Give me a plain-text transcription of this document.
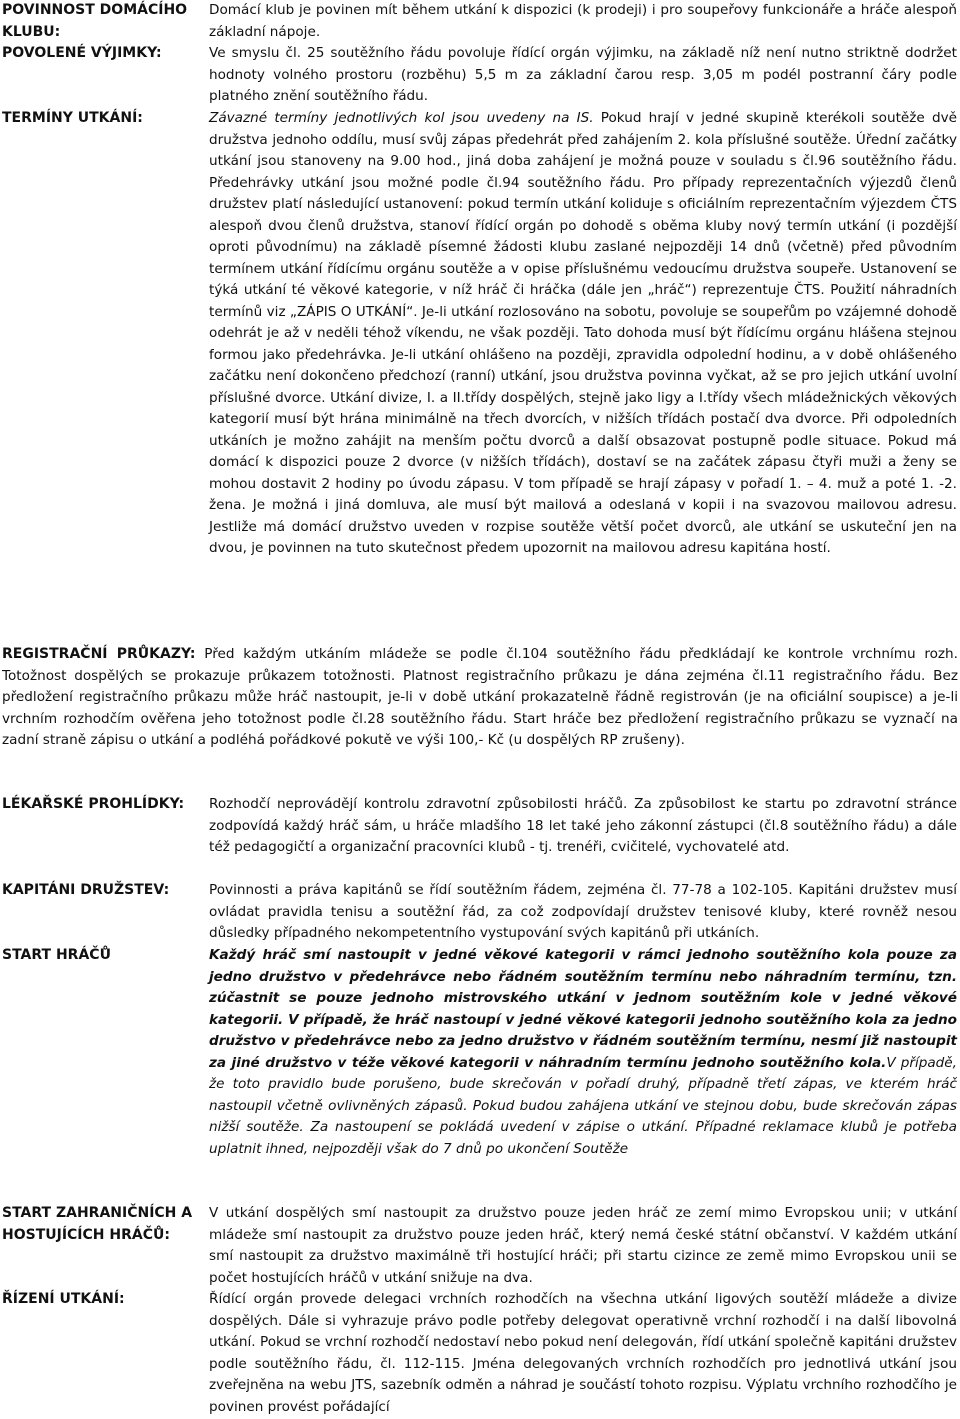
POVINNOST DOMÁCÍHO KLUBU:

Domácí klub je povinen mít během utkání k dispozici (k prodeji) i pro soupeřovy funkcionáře a hráče alespoň základní nápoje.

POVOLENÉ VÝJIMKY:	Ve smyslu čl. 25 soutěžního řádu povoluje řídící orgán výjimku, na základě níž není nutno striktně dodržet hodnoty volného prostoru (rozběhu) 5,5 m za základní čarou resp. 3,05 m podél postranní čáry podle platného znění soutěžního řádu.

TERMÍNY UTKÁNÍ:	Závazné termíny jednotlivých kol jsou uvedeny na IS. Pokud hrají v jedné skupině kterékoli soutěže dvě družstva jednoho oddílu, musí svůj zápas předehrát před zahájením 2. kola příslušné soutěže. Úřední začátky utkání jsou stanoveny na 9.00 hod., jiná doba zahájení je možná pouze v souladu s čl.96 soutěžního řádu. Předehrávky utkání jsou možné podle čl.94 soutěžního řádu. Pro případy reprezentačních výjezdů členů družstev platí následující ustanovení: pokud termín utkání koliduje s oficiálním reprezentačním výjezdem ČTS alespoň dvou členů družstva, stanoví řídící orgán po dohodě s oběma kluby nový termín utkání (i pozdější oproti původnímu) na základě písemné žádosti klubu zaslané nejpozději 14 dnů (včetně) před původním termínem utkání řídícímu orgánu soutěže a v opise příslušnému vedoucímu družstva soupeře. Ustanovení se týká utkání té věkové kategorie, v níž hráč či hráčka (dále jen „hráč“) reprezentuje ČTS. Použití náhradních termínů viz „ZÁPIS O UTKÁNÍ“. Je-li utkání rozlosováno na sobotu, povoluje se soupeřům po vzájemné dohodě odehrát je až v neděli téhož víkendu, ne však později. Tato dohoda musí být řídícímu orgánu hlášena stejnou formou jako předehrávka. Je-li utkání ohlášeno na později, zpravidla odpolední hodinu, a v době ohlášeného začátku není dokončeno předchozí (ranní) utkání, jsou družstva povinna vyčkat, až se pro jejich utkání uvolní příslušné dvorce. Utkání divize, I. a II.třídy dospělých, stejně jako ligy a I.třídy všech mládežnických věkových kategorií musí být hrána minimálně na třech dvorcích, v nižších třídách postačí dva dvorce. Při odpoledních utkáních je možno zahájit na menším počtu dvorců a další obsazovat postupně podle situace. Pokud má domácí k dispozici pouze 2 dvorce (v nižších třídách), dostaví se na začátek zápasu čtyři muži a ženy se mohou dostavit 2 hodiny po úvodu zápasu. V tom případě se hrají zápasy v pořadí 1. – 4. muž a poté 1. -2. žena. Je možná i jiná domluva, ale musí být mailová a odeslaná v kopii i na svazovou mailovou adresu. Jestliže má domácí družstvo uveden v rozpise soutěže větší počet dvorců, ale utkání se uskuteční jen na dvou, je povinnen na tuto skutečnost předem upozornit na mailovou adresu kapitána hostí.

REGISTRAČNÍ PRŮKAZY: Před každým utkáním mládeže se podle čl.104 soutěžního řádu předkládají ke kontrole vrchnímu rozh. Totožnost dospělých se prokazuje průkazem totožnosti. Platnost registračního průkazu je dána zejména čl.11 registračního řádu. Bez předložení registračního průkazu může hráč nastoupit, je-li v době utkání prokazatelně řádně registrován (je na oficiální soupisce) a je-li vrchním rozhodčím ověřena jeho totožnost podle čl.28 soutěžního řádu. Start hráče bez předložení registračního průkazu se vyznačí na zadní straně zápisu o utkání a podléhá pořádkové pokutě ve výši 100,- Kč (u dospělých RP zrušeny).
LÉKAŘSKÉ PROHLÍDKY:	Rozhodčí neprovádějí kontrolu zdravotní způsobilosti hráčů. Za způsobilost ke startu po zdravotní stránce zodpovídá každý hráč sám, u hráče mladšího 18 let také jeho zákonní zástupci (čl.8 soutěžního řádu) a dále též pedagogičtí a organizační pracovníci klubů - tj. trenéři, cvičitelé, vychovatelé atd.

KAPITÁNI DRUŽSTEV:	Povinnosti a práva kapitánů se řídí soutěžním řádem, zejména čl. 77-78 a 102-105. Kapitáni družstev musí ovládat pravidla tenisu a soutěžní řád, za což zodpovídají družstev tenisové kluby, které rovněž nesou důsledky případného nekompetentního vystupování svých kapitánů při utkáních.

START HRÁČŮ	Každý hráč smí nastoupit v jedné věkové kategorii v rámci jednoho soutěžního kola pouze za jedno družstvo v předehrávce nebo řádném soutěžním termínu nebo náhradním termínu, tzn. zúčastnit se pouze jednoho mistrovského utkání v jednom soutěžním kole v jedné věkové kategorii. V případě, že hráč nastoupí v jedné věkové kategorii jednoho soutěžního kola za jedno družstvo v předehrávce nebo za jedno družstvo v řádném soutěžním termínu, nesmí již nastoupit za jiné družstvo v téže věkové kategorii v náhradním termínu jednoho soutěžního kola.V případě, že toto pravidlo bude porušeno, bude skrečován v pořadí druhý, případně třetí zápas, ve kterém hráč nastoupil včetně ovlivněných zápasů. Pokud budou zahájena utkání ve stejnou dobu, bude skrečován zápas nižší soutěže. Za nastoupení se pokládá uvedení v zápise o utkání. Případné reklamace klubů je potřeba uplatnit ihned, nejpozději však do 7 dnů po ukončení Soutěže

START ZAHRANIČNÍCH A HOSTUJÍCÍCH HRÁČŮ:

V utkání dospělých smí nastoupit za družstvo pouze jeden hráč ze zemí mimo Evropskou unii; v utkání mládeže smí nastoupit za družstvo pouze jeden hráč, který nemá české státní občanství. V každém utkání smí nastoupit za družstvo maximálně tři hostující hráči; při startu cizince ze země mimo Evropskou unii se počet hostujících hráčů v utkání snižuje na dva.

ŘÍZENÍ UTKÁNÍ:	Řídící orgán provede delegaci vrchních rozhodčích na všechna utkání ligových soutěží mládeže a divize dospělých. Dále si vyhrazuje právo podle potřeby delegovat operativně vrchní rozhodčí i na další libovolná utkání. Pokud se vrchní rozhodčí nedostaví nebo pokud není delegován, řídí utkání společně kapitáni družstev podle soutěžního řádu, čl. 112-115. Jména delegovaných vrchních rozhodčích pro jednotlivá utkání jsou zveřejněna na webu JTS, sazebník odměn a náhrad je součástí tohoto rozpisu. Výplatu vrchního rozhodčího je povinen provést pořádající
